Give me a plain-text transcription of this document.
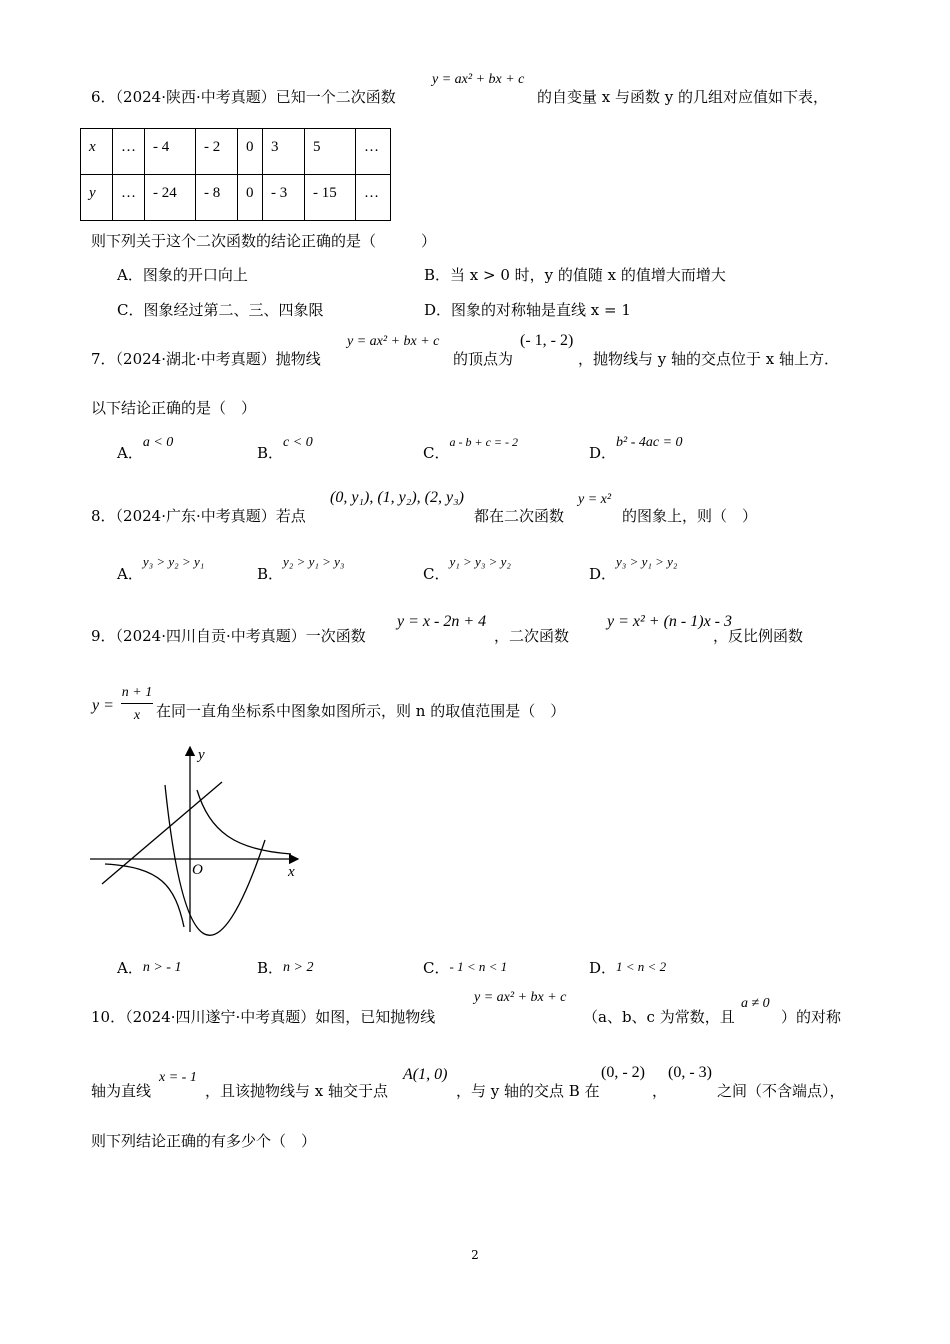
6．（2024·陕西·中考真题）已知一个二次函数
y = ax² + bx + c
的自变量 x 与函数 y 的几组对应值如下表，
x	…	- 4	- 2	0	3	5	…
y	…	- 24	- 8	0	- 3	- 15	…
则下列关于这个二次函数的结论正确的是（　　　）
A．图象的开口向上	B．当 x > 0 时，y 的值随 x 的值增大而增大
C．图象经过第二、三、四象限	D．图象的对称轴是直线 x = 1
7．（2024·湖北·中考真题）抛物线
y = ax² + bx + c
的顶点为
(- 1, - 2)
，抛物线与 y 轴的交点位于 x 轴上方．
以下结论正确的是（　）
A．a < 0
B．c < 0
C．a - b + c = - 2
D．b² - 4ac = 0
8．（2024·广东·中考真题）若点
(0, y₁), (1, y₂), (2, y₃)
都在二次函数
y = x²
的图象上，则（　）
A．y₃ > y₂ > y₁
B．y₂ > y₁ > y₃
C．y₁ > y₃ > y₂
D．y₃ > y₁ > y₂
9．（2024·四川自贡·中考真题）一次函数
y = x - 2n + 4
，二次函数
y = x² + (n - 1)x - 3
，反比例函数
y =
n + 1
x	在同一直角坐标系中图象如图所示，则 n 的取值范围是（　）
y
x
O
A．n > - 1	B．n > 2	C．- 1 < n < 1	D．1 < n < 2
10．（2024·四川遂宁·中考真题）如图，已知抛物线
y = ax² + bx + c
（a、b、c 为常数，且
a ≠ 0
）的对称
轴为直线
x = - 1
，且该抛物线与 x 轴交于点
A(1, 0)
，与 y 轴的交点 B 在
(0, - 2)
，
(0, - 3)
之间（不含端点），
则下列结论正确的有多少个（　）
2
